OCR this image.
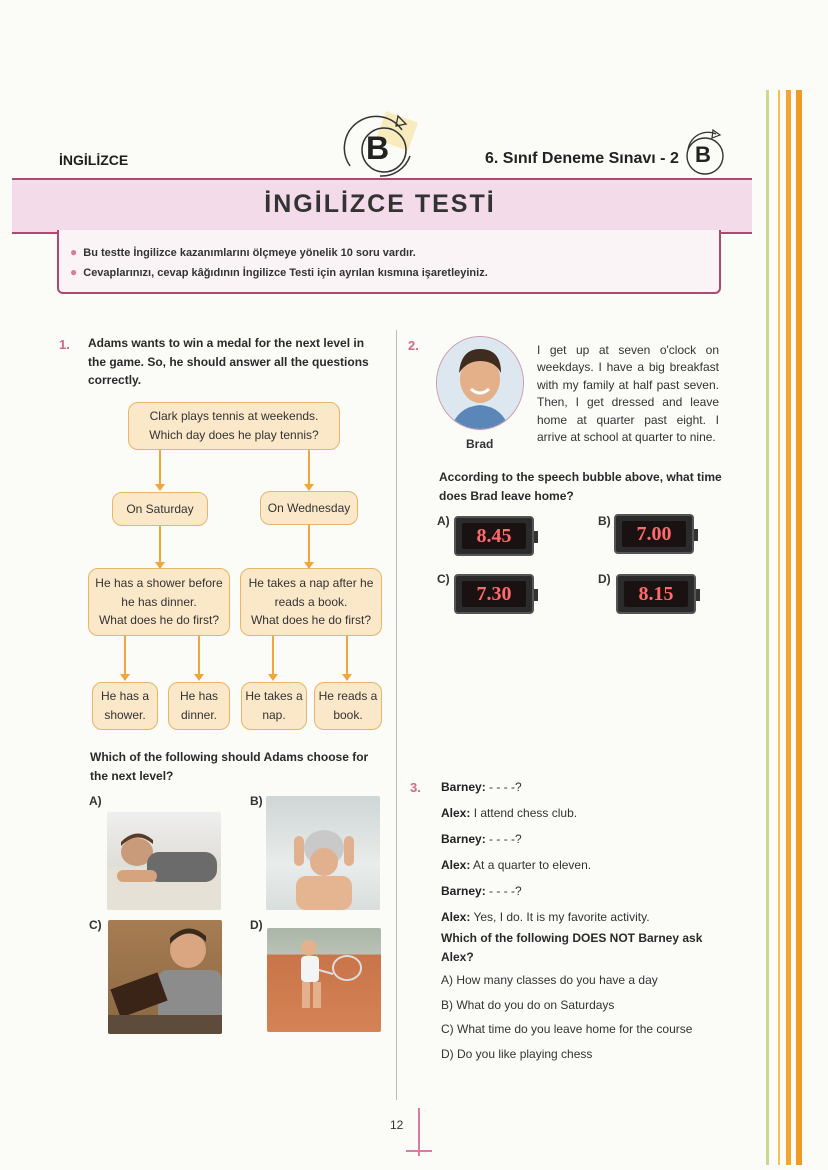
İNGİLİZCE	B	6. Sınıf Deneme Sınavı - 2 B
İNGİLİZCE TESTİ
● Bu testte İngilizce kazanımlarını ölçmeye yönelik 10 soru vardır.
● Cevaplarınızı, cevap kâğıdının İngilizce Testi için ayrılan kısmına işaretleyiniz.
1. Adams wants to win a medal for the next level in the game. So, he should answer all the questions correctly.
Clark plays tennis at weekends.
Which day does he play tennis?
On Saturday	On Wednesday
He has a shower before
he has dinner.
What does he do first?
He takes a nap after he
reads a book.
What does he do first?
He has a
shower.
He has
dinner.
He takes a
nap.
He reads a
book.
Which of the following should Adams choose for the next level?
A)	B)
C)	D)
2.
Brad
I get up at seven o'clock on weekdays. I have a big breakfast with my family at half past seven. Then, I get dressed and leave home at quarter past eight. I arrive at school at quarter to nine.
According to the speech bubble above, what time does Brad leave home?
A)
8.45
B)
7.00
C)
7.30
D)
8.15
3. Barney: - - - -?
Alex: I attend chess club.
Barney: - - - -?
Alex: At a quarter to eleven.
Barney: - - - -?
Alex: Yes, I do. It is my favorite activity.
Which of the following DOES NOT Barney ask Alex?
A) How many classes do you have a day
B) What do you do on Saturdays
C) What time do you leave home for the course
D) Do you like playing chess
12
